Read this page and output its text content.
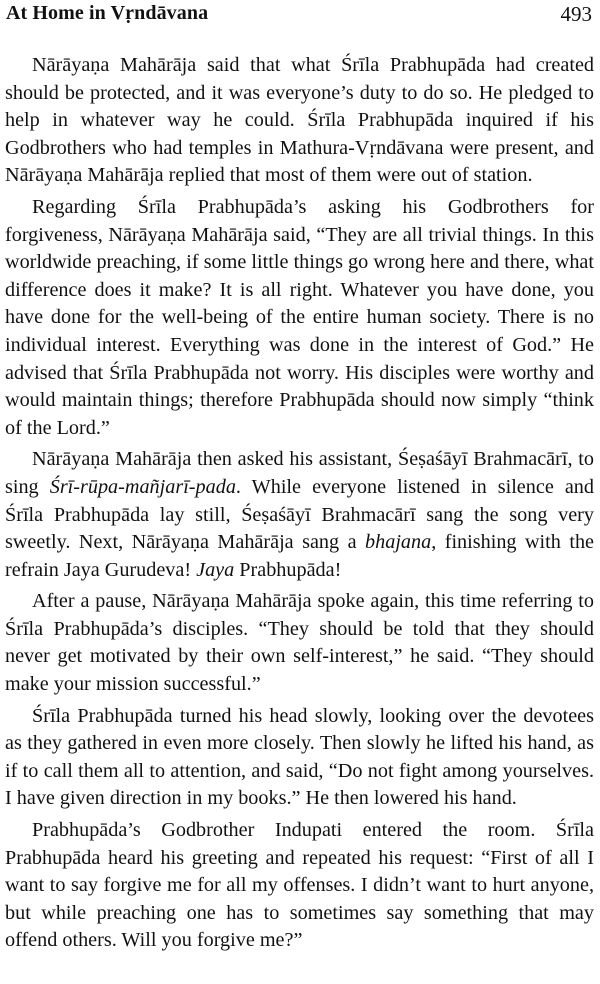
At Home in Vṛndāvana	493

Nārāyaṇa Mahārāja said that what Śrīla Prabhupāda had created should be protected, and it was everyone’s duty to do so. He pledged to help in whatever way he could. Śrīla Prabhupāda inquired if his Godbrothers who had temples in Mathura-Vṛndāvana were present, and Nārāyaṇa Mahārāja replied that most of them were out of station.

Regarding Śrīla Prabhupāda’s asking his Godbrothers for forgiveness, Nārāyaṇa Mahārāja said, “They are all trivial things. In this worldwide preaching, if some little things go wrong here and there, what difference does it make? It is all right. Whatever you have done, you have done for the well-being of the entire human society. There is no individual interest. Everything was done in the interest of God.” He advised that Śrīla Prabhupāda not worry. His disciples were worthy and would maintain things; therefore Prabhupāda should now simply “think of the Lord.”

Nārāyaṇa Mahārāja then asked his assistant, Śeṣaśāyī Brahmacārī, to sing Śrī-rūpa-mañjarī-pada. While everyone listened in silence and Śrīla Prabhupāda lay still, Śeṣaśāyī Brahmacārī sang the song very sweetly. Next, Nārāyaṇa Mahārāja sang a bhajana, finishing with the refrain Jaya Gurudeva! Jaya Prabhupāda!

After a pause, Nārāyaṇa Mahārāja spoke again, this time referring to Śrīla Prabhupāda’s disciples. “They should be told that they should never get motivated by their own self-interest,” he said. “They should make your mission successful.”

Śrīla Prabhupāda turned his head slowly, looking over the devotees as they gathered in even more closely. Then slowly he lifted his hand, as if to call them all to attention, and said, “Do not fight among yourselves. I have given direction in my books.” He then lowered his hand.

Prabhupāda’s Godbrother Indupati entered the room. Śrīla Prabhupāda heard his greeting and repeated his request: “First of all I want to say forgive me for all my offenses. I didn’t want to hurt anyone, but while preaching one has to sometimes say something that may offend others. Will you forgive me?”
